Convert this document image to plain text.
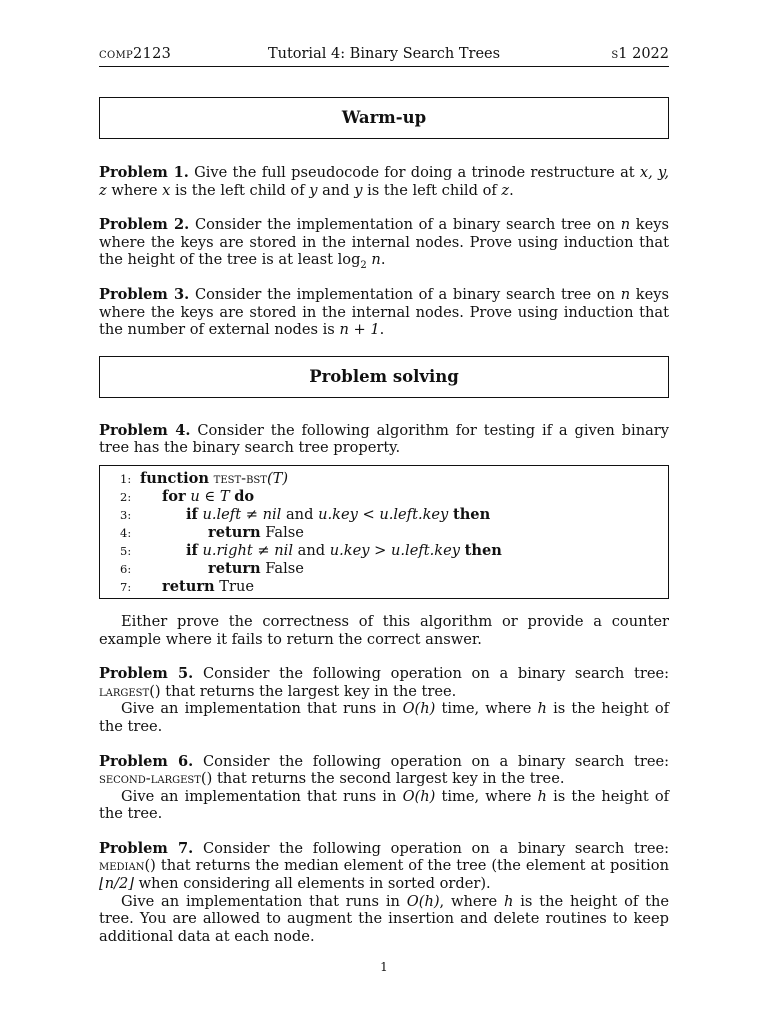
comp2123	Tutorial 4: Binary Search Trees	s1 2022
Warm-up

Problem 1. Give the full pseudocode for doing a trinode restructure at x, y, z where x is the left child of y and y is the left child of z.

Problem 2. Consider the implementation of a binary search tree on n keys where the keys are stored in the internal nodes. Prove using induction that the height of the tree is at least $\log_2 n$.

Problem 3. Consider the implementation of a binary search tree on n keys where the keys are stored in the internal nodes. Prove using induction that the number of external nodes is n + 1.

Problem solving

Problem 4. Consider the following algorithm for testing if a given binary tree has the binary search tree property.

1: function test-bst(T)
2: for u ∈ T do
3:	if u.left ≠ nil and u.key < u.left.key then
4:	return False
5:	if u.right ≠ nil and u.key > u.left.key then
6:	return False
7: return True

Either prove the correctness of this algorithm or provide a counter example where it fails to return the correct answer.

Problem 5. Consider the following operation on a binary search tree: largest() that returns the largest key in the tree.

Give an implementation that runs in O(h) time, where h is the height of the tree.

Problem 6. Consider the following operation on a binary search tree: second-largest() that returns the second largest key in the tree.

Give an implementation that runs in O(h) time, where h is the height of the tree.

Problem 7. Consider the following operation on a binary search tree: median() that returns the median element of the tree (the element at position ⌊n/2⌋ when considering all elements in sorted order).

Give an implementation that runs in O(h), where h is the height of the tree. You are allowed to augment the insertion and delete routines to keep additional data at each node.

1
